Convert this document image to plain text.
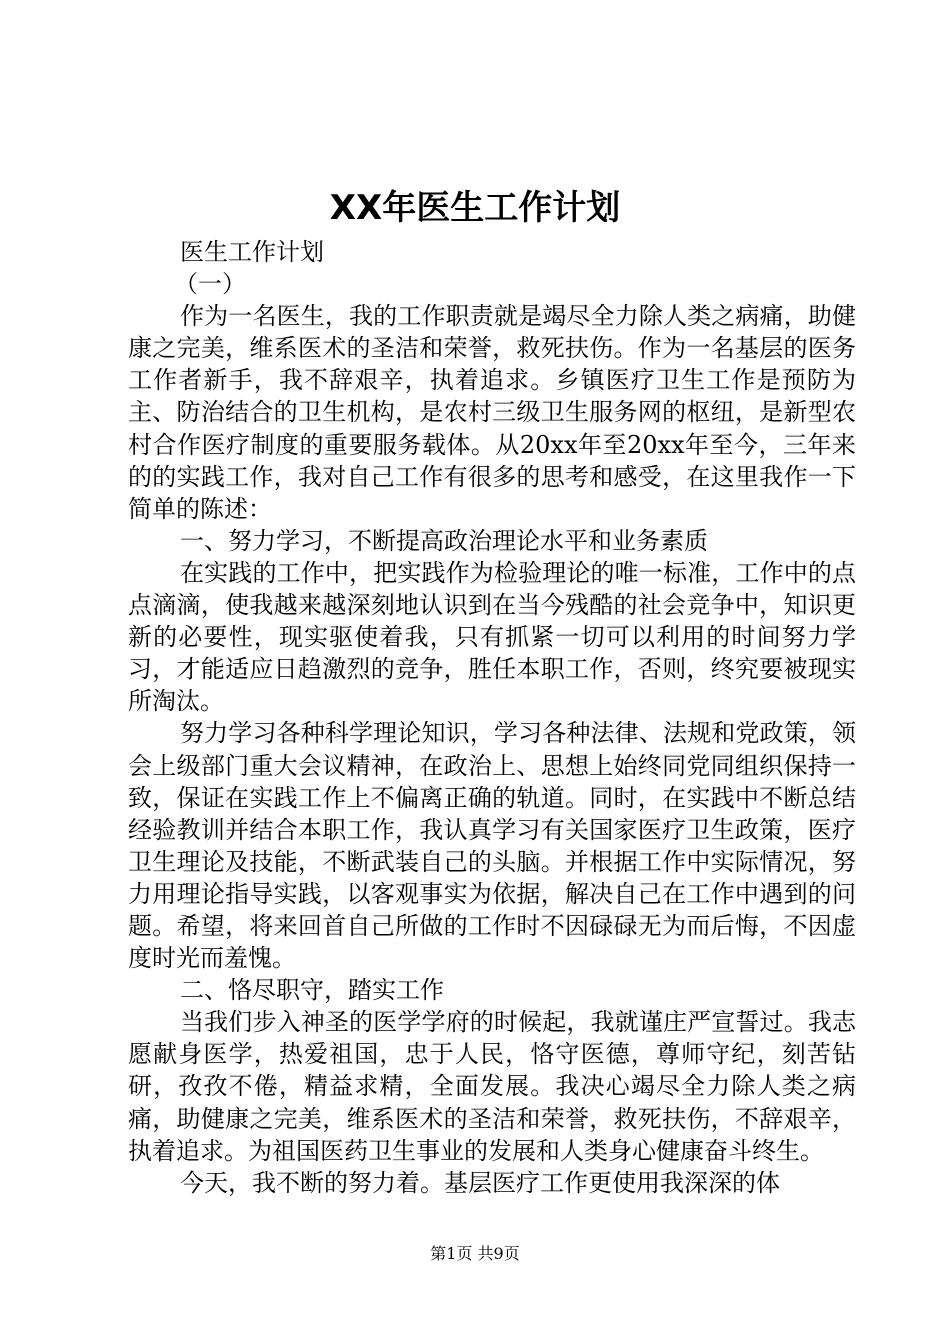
XX年医生工作计划

医生工作计划

（一）

作为一名医生，我的工作职责就是竭尽全力除人类之病痛，助健康之完美，维系医术的圣洁和荣誉，救死扶伤。作为一名基层的医务工作者新手，我不辞艰辛，执着追求。乡镇医疗卫生工作是预防为主、防治结合的卫生机构，是农村三级卫生服务网的枢纽，是新型农村合作医疗制度的重要服务载体。从20xx年至20xx年至今，三年来的的实践工作，我对自己工作有很多的思考和感受，在这里我作一下简单的陈述：

一、努力学习，不断提高政治理论水平和业务素质

在实践的工作中，把实践作为检验理论的唯一标准，工作中的点点滴滴，使我越来越深刻地认识到在当今残酷的社会竞争中，知识更新的必要性，现实驱使着我，只有抓紧一切可以利用的时间努力学习，才能适应日趋激烈的竞争，胜任本职工作，否则，终究要被现实所淘汰。

努力学习各种科学理论知识，学习各种法律、法规和党政策，领会上级部门重大会议精神，在政治上、思想上始终同党同组织保持一致，保证在实践工作上不偏离正确的轨道。同时，在实践中不断总结经验教训并结合本职工作，我认真学习有关国家医疗卫生政策，医疗卫生理论及技能，不断武装自己的头脑。并根据工作中实际情况，努力用理论指导实践，以客观事实为依据，解决自己在工作中遇到的问题。希望，将来回首自己所做的工作时不因碌碌无为而后悔，不因虚度时光而羞愧。

二、恪尽职守，踏实工作

当我们步入神圣的医学学府的时候起，我就谨庄严宣誓过。我志愿献身医学，热爱祖国，忠于人民，恪守医德，尊师守纪，刻苦钻研，孜孜不倦，精益求精，全面发展。我决心竭尽全力除人类之病痛，助健康之完美，维系医术的圣洁和荣誉，救死扶伤，不辞艰辛，执着追求。为祖国医药卫生事业的发展和人类身心健康奋斗终生。

今天，我不断的努力着。基层医疗工作更使用我深深的体

第1页 共9页
